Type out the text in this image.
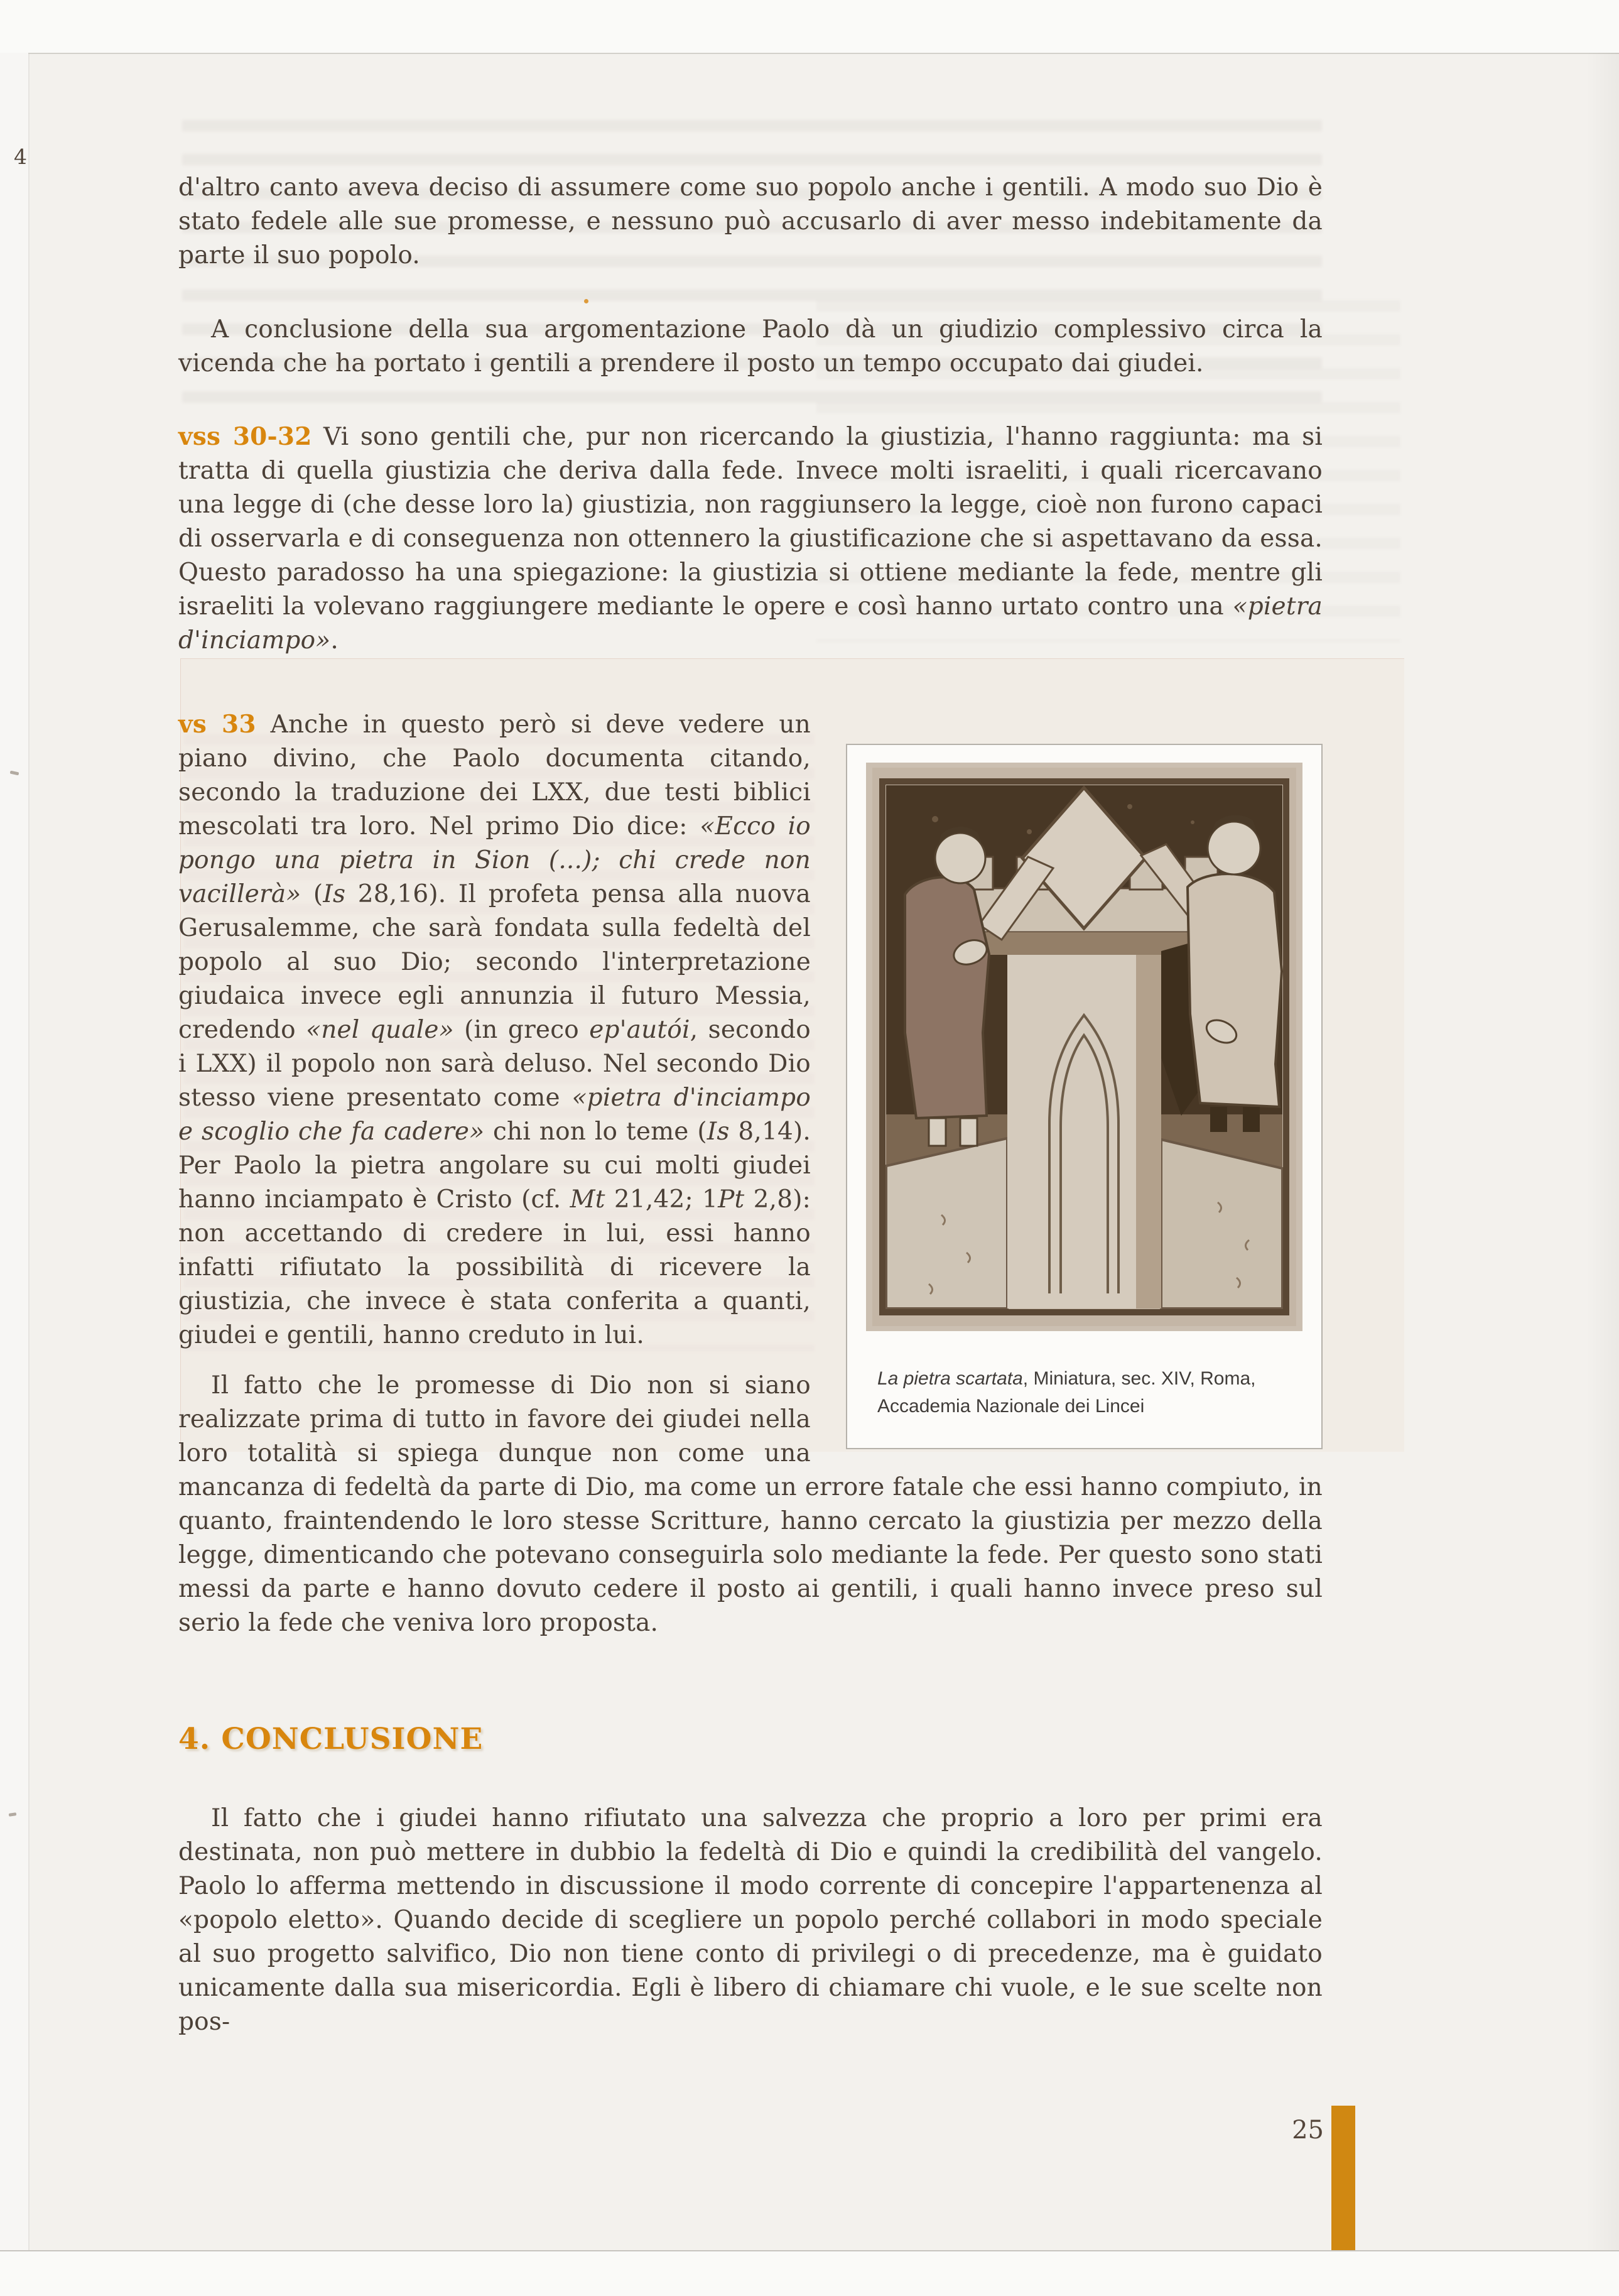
4

d'altro canto aveva deciso di assumere come suo popolo anche i gentili. A modo suo Dio è stato fedele alle sue promesse, e nessuno può accusarlo di aver messo indebitamente da parte il suo popolo.

A conclusione della sua argomentazione Paolo dà un giudizio complessivo circa la vicenda che ha portato i gentili a prendere il posto un tempo occupato dai giudei.

vss 30-32 Vi sono gentili che, pur non ricercando la giustizia, l'hanno raggiunta: ma si tratta di quella giustizia che deriva dalla fede. Invece molti israeliti, i quali ricercavano una legge di (che desse loro la) giustizia, non raggiunsero la legge, cioè non furono capaci di osservarla e di conseguenza non ottennero la giustificazione che si aspettavano da essa. Questo paradosso ha una spiegazione: la giustizia si ottiene mediante la fede, mentre gli israeliti la volevano raggiungere mediante le opere e così hanno urtato contro una «pietra d'inciampo».

La pietra scartata, Miniatura, sec. XIV, Roma, Accademia Nazionale dei Lincei

vs 33 Anche in questo però si deve vedere un piano divino, che Paolo documenta citando, secondo la traduzione dei LXX, due testi biblici mescolati tra loro. Nel primo Dio dice: «Ecco io pongo una pietra in Sion (...); chi crede non vacillerà» (Is 28,16). Il profeta pensa alla nuova Gerusalemme, che sarà fondata sulla fedeltà del popolo al suo Dio; secondo l'interpretazione giudaica invece egli annunzia il futuro Messia, credendo «nel quale» (in greco ep'autói, secondo i LXX) il popolo non sarà deluso. Nel secondo Dio stesso viene presentato come «pietra d'inciampo e scoglio che fa cadere» chi non lo teme (Is 8,14). Per Paolo la pietra angolare su cui molti giudei hanno inciampato è Cristo (cf. Mt 21,42; 1Pt 2,8): non accettando di credere in lui, essi hanno infatti rifiutato la possibilità di ricevere la giustizia, che invece è stata conferita a quanti, giudei e gentili, hanno creduto in lui.

Il fatto che le promesse di Dio non si siano realizzate prima di tutto in favore dei giudei nella loro totalità si spiega dunque non come una mancanza di fedeltà da parte di Dio, ma come un errore fatale che essi hanno compiuto, in quanto, fraintendendo le loro stesse Scritture, hanno cercato la giustizia per mezzo della legge, dimenticando che potevano conseguirla solo mediante la fede. Per questo sono stati messi da parte e hanno dovuto cedere il posto ai gentili, i quali hanno invece preso sul serio la fede che veniva loro proposta.

4. CONCLUSIONE

Il fatto che i giudei hanno rifiutato una salvezza che proprio a loro per primi era destinata, non può mettere in dubbio la fedeltà di Dio e quindi la credibilità del vangelo. Paolo lo afferma mettendo in discussione il modo corrente di concepire l'appartenenza al «popolo eletto». Quando decide di scegliere un popolo perché collabori in modo speciale al suo progetto salvifico, Dio non tiene conto di privilegi o di precedenze, ma è guidato unicamente dalla sua misericordia. Egli è libero di chiamare chi vuole, e le sue scelte non pos-

25
